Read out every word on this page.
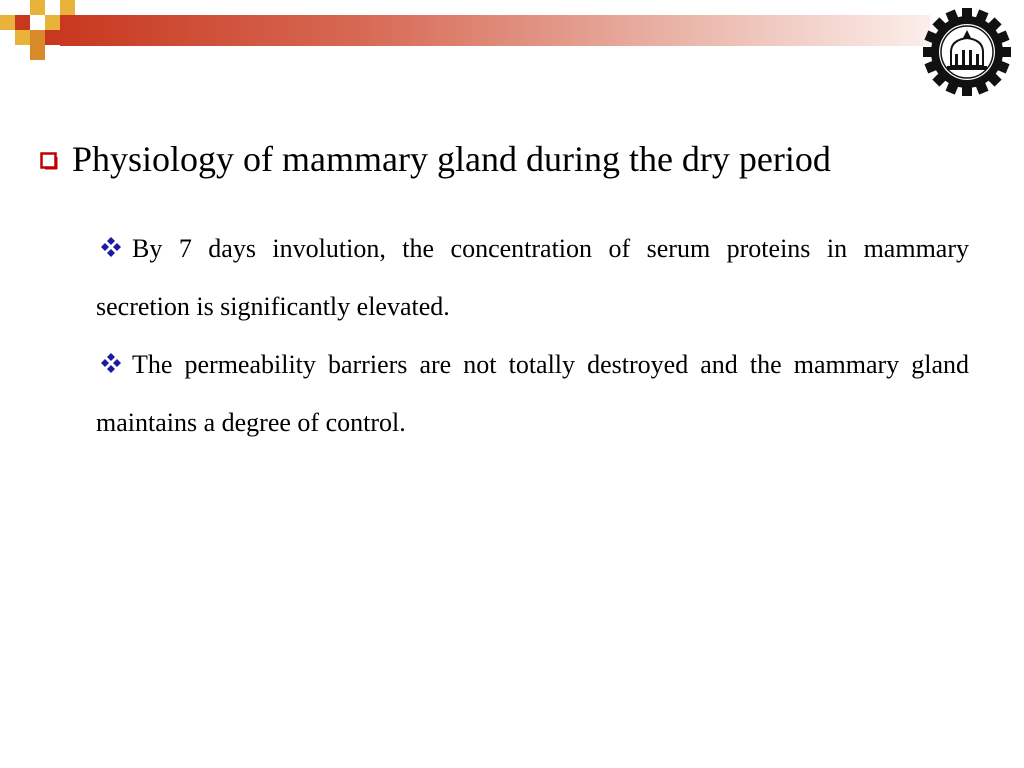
Physiology of mammary gland during the dry period

By 7 days involution, the concentration of serum proteins in mammary secretion is significantly elevated.

The permeability barriers are not totally destroyed and the mammary gland maintains a degree of control.
